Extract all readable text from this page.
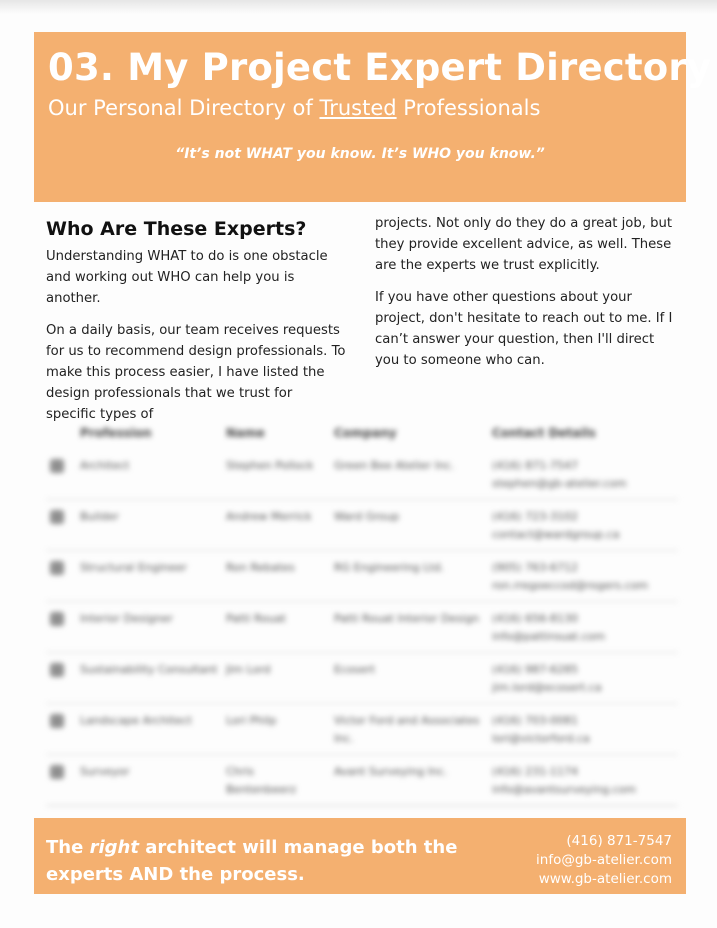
03. My Project Expert Directory
Our Personal Directory of Trusted Professionals
“It’s not WHAT you know. It’s WHO you know.”
Who Are These Experts?

Understanding WHAT to do is one obstacle and working out WHO can help you is another.

On a daily basis, our team receives requests for us to recommend design professionals. To make this process easier, I have listed the design professionals that we trust for specific types of

projects. Not only do they do a great job, but they provide excellent advice, as well. These are the experts we trust explicitly.

If you have other questions about your project, don't hesitate to reach out to me. If I can’t answer your question, then I'll direct you to someone who can.

	Profession	Name	Company	Contact Details
	Architect	Stephen Pollock	Green Bee Atelier Inc.	(416) 871-7547
stephen@gb-atelier.com

	Builder	Andrew Merrick	Ward Group	(416) 723-3102
contact@wardgroup.ca

	Structural Engineer	Ron Rebates	RG Engineering Ltd.	(905) 763-6712
ron.rregoeccod@rogers.com

	Interior Designer	Patti Rouat	Patti Rouat Interior Design	(416) 656-8130
info@pattirouat.com

	Sustainability Consultant	Jim Lord	Ecosert	(416) 987-6285
jim.lord@ecosert.ca

	Landscape Architect	Lori Philp	Victor Ford and Associates Inc.	(416) 703-0081
lori@victorford.ca

	Surveyor	Chris Bentenbeerz	Avant Surveying Inc.	(416) 231-1174
info@avantsurveying.com
The right architect will manage both the experts AND the process.
(416) 871-7547
info@gb-atelier.com
www.gb-atelier.com
